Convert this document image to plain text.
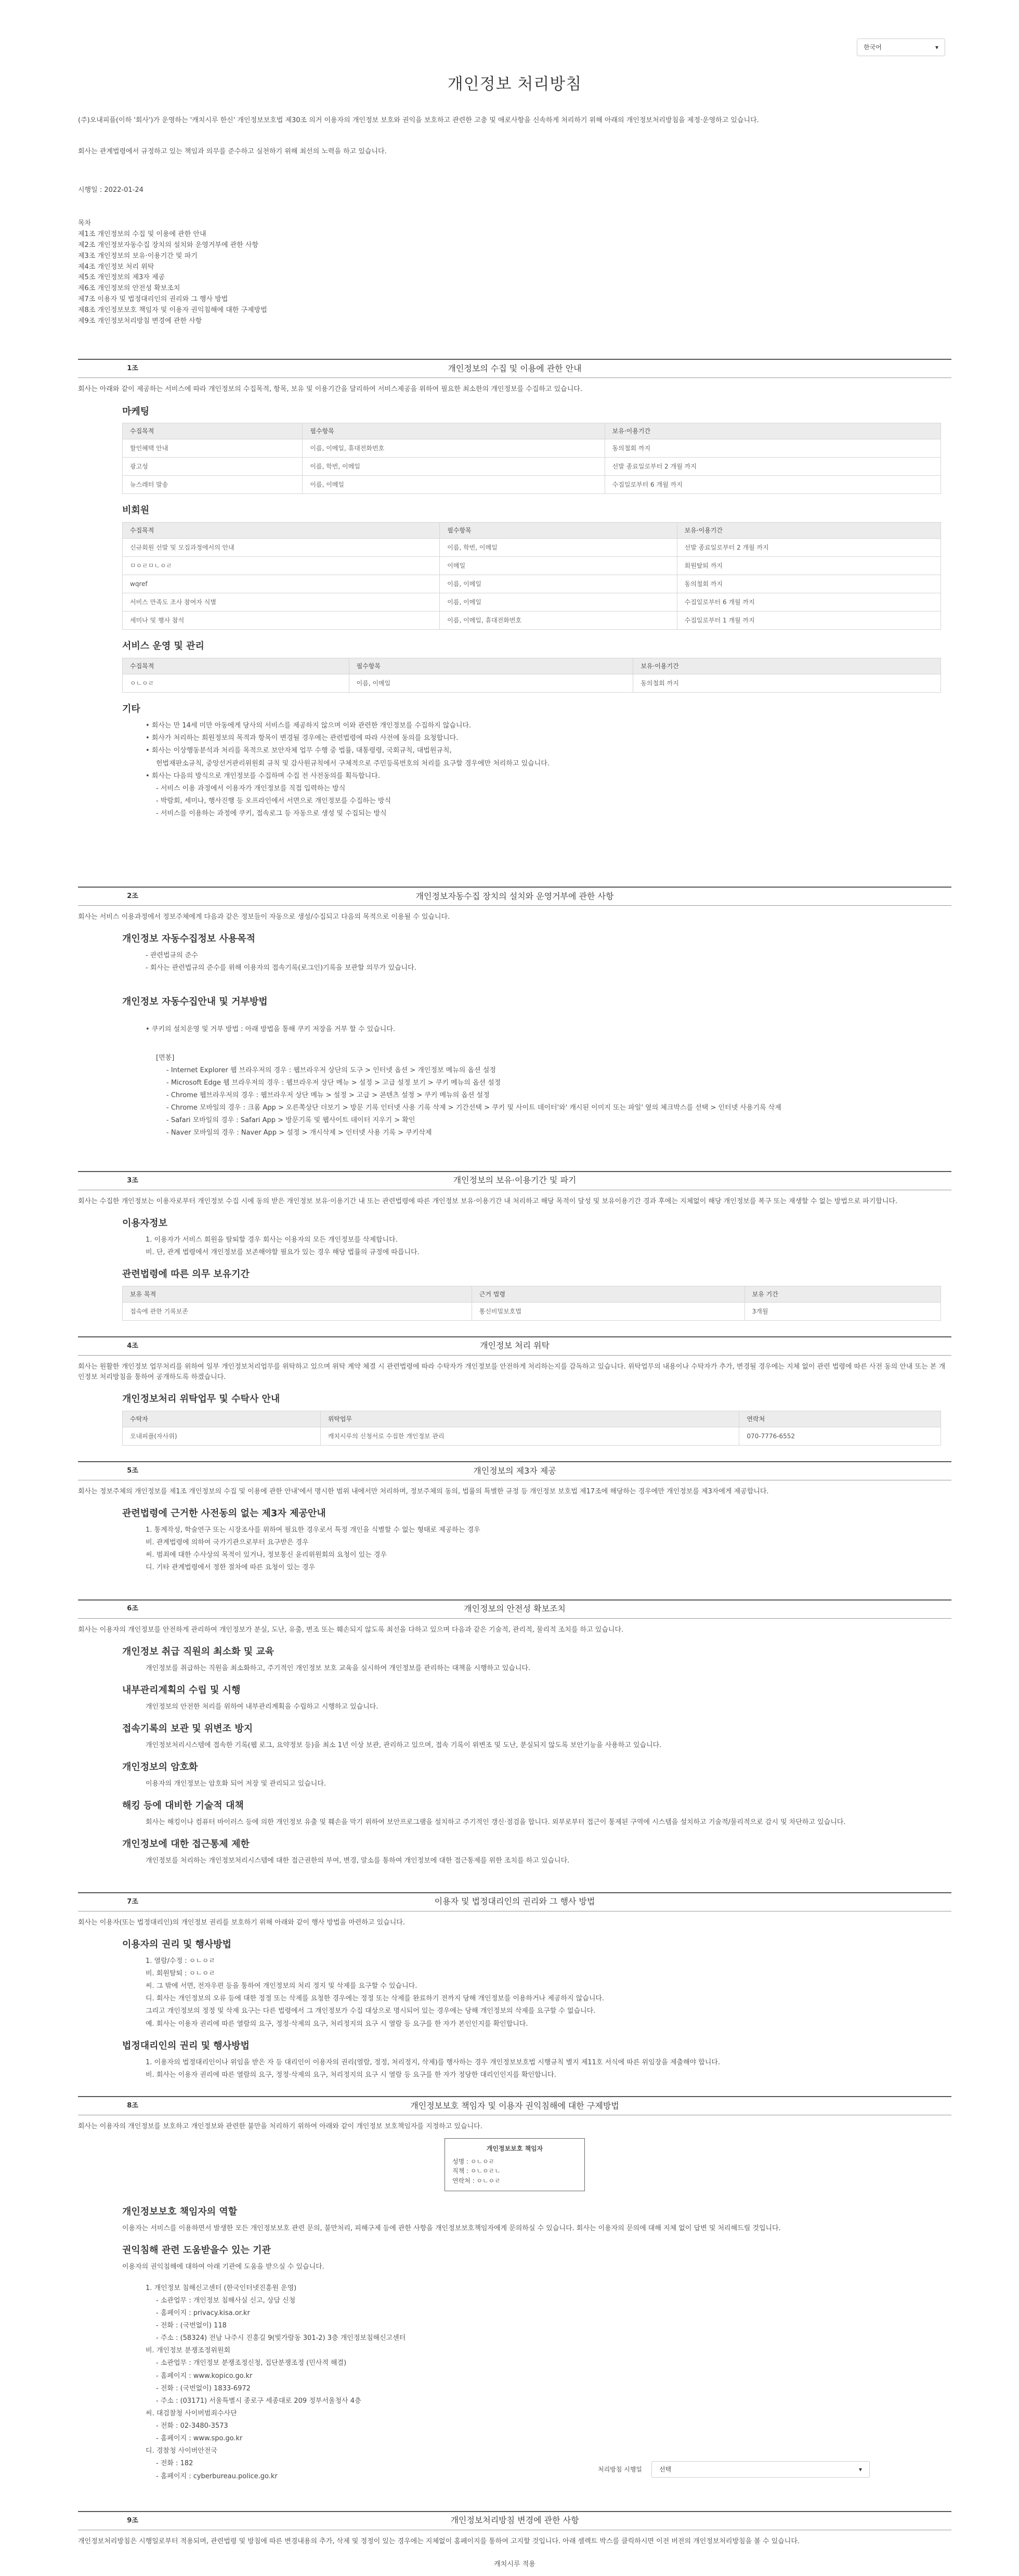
한국어	▾
개인정보 처리방침

(주)오내피플(이하 '회사')가 운영하는 '캐치시루 한신' 개인정보보호법 제30조 의거 이용자의 개인정보 보호와 권익을 보호하고 관련한 고충 및 애로사항을 신속하게 처리하기 위해 아래의 개인정보처리방침을 제정·운영하고 있습니다.

회사는 관계법령에서 규정하고 있는 책임과 의무를 준수하고 실천하기 위해 최선의 노력을 하고 있습니다.

시행일 : 2022-01-24

목차
제1조 개인정보의 수집 및 이용에 관한 안내
제2조 개인정보자동수집 장치의 설치와 운영거부에 관한 사항
제3조 개인정보의 보유·이용기간 및 파기
제4조 개인정보 처리 위탁
제5조 개인정보의 제3자 제공
제6조 개인정보의 안전성 확보조치
제7조 이용자 및 법정대리인의 권리와 그 행사 방법
제8조 개인정보보호 책임자 및 이용자 권익침해에 대한 구제방법
제9조 개인정보처리방침 변경에 관한 사항
1조	개인정보의 수집 및 이용에 관한 안내

회사는 아래와 같이 제공하는 서비스에 따라 개인정보의 수집목적, 항목, 보유 및 이용기간을 달리하여 서비스제공을 위하여 필요한 최소한의 개인정보를 수집하고 있습니다.

마케팅
수집목적	필수항목	보유·이용기간
할인혜택 안내	이름, 이메일, 휴대전화번호	동의철회 까지
광고성	이름, 학번, 이메일	선발 종료일로부터 2 개월 까지
뉴스레터 발송	이름, 이메일	수집일로부터 6 개월 까지
비회원
수집목적	필수항목	보유·이용기간
신규회원 선발 및 모집과정에서의 안내	이름, 학번, 이메일	선발 종료일로부터 2 개월 까지
ㅁㅇㄹㅁㄴㅇㄹ	이메일	회원탈퇴 까지
wqref	이름, 이메일	동의철회 까지
서비스 만족도 조사 참여자 식별	이름, 이메일	수집일로부터 6 개월 까지
세미나 및 행사 참석	이름, 이메일, 휴대전화번호	수집일로부터 1 개월 까지
서비스 운영 및 관리
수집목적	필수항목	보유·이용기간
ㅇㄴㅇㄹ	이름, 이메일	동의철회 까지
기타
• 회사는 만 14세 미만 아동에게 당사의 서비스를 제공하지 않으며 이와 관련한 개인정보를 수집하지 않습니다.
• 회사가 처리하는 회원정보의 목적과 항목이 변경될 경우에는 관련법령에 따라 사전에 동의를 요청합니다.
• 회사는 이상행동분석과 처리를 목적으로 보안자체 업무 수행 중 법률, 대통령령, 국회규칙, 대법원규칙,
헌법재판소규칙, 중앙선거관리위원회 규칙 및 감사원규칙에서 구체적으로 주민등록번호의 처리를 요구할 경우에만 처리하고 있습니다.
• 회사는 다음의 방식으로 개인정보를 수집하며 수집 전 사전동의를 획득합니다.
- 서비스 이용 과정에서 이용자가 개인정보를 직접 입력하는 방식
- 박람회, 세미나, 행사진행 등 오프라인에서 서면으로 개인정보를 수집하는 방식
- 서비스를 이용하는 과정에 쿠키, 접속로그 등 자동으로 생성 및 수집되는 방식
2조	개인정보자동수집 장치의 설치와 운영거부에 관한 사항

회사는 서비스 이용과정에서 정보주체에게 다음과 같은 정보들이 자동으로 생성/수집되고 다음의 목적으로 이용될 수 있습니다.

개인정보 자동수집정보 사용목적
- 관련법규의 준수
- 회사는 관련법규의 준수를 위해 이용자의 접속기록(로그인)기록을 보관할 의무가 있습니다.
개인정보 자동수집안내 및 거부방법
• 쿠키의 설치운영 및 거부 방법 : 아래 방법을 통해 쿠키 저장을 거부 할 수 있습니다.
[면봉]
- Internet Explorer 웹 브라우저의 경우 : 웹브라우저 상단의 도구 > 인터넷 옵션 > 개인정보 메뉴의 옵션 설정
- Microsoft Edge 웹 브라우저의 경우 : 웹브라우저 상단 메뉴 > 설정 > 고급 설정 보기 > 쿠키 메뉴의 옵션 설정
- Chrome 웹브라우저의 경우 : 웹브라우저 상단 메뉴 > 설정 > 고급 > 콘텐츠 설정 > 쿠키 메뉴의 옵션 설정
- Chrome 모바일의 경우 : 크롬 App > 오른쪽상단 더보기 > 방문 기록 인터넷 사용 기록 삭제 > 기간선택 > 쿠키 및 사이트 데이터'와' 캐시된 이미지 또는 파일' 옆의 체크박스를 선택 > 인터넷 사용기록 삭제
- Safari 모바일의 경우 : Safari App > 방문기록 및 웹사이트 데이터 지우기 > 확인
- Naver 모바일의 경우 : Naver App > 설정 > 개시삭제 > 인터넷 사용 기록 > 쿠키삭제
3조	개인정보의 보유·이용기간 및 파기

회사는 수집한 개인정보는 이용자로부터 개인정보 수집 시에 동의 받은 개인정보 보유·이용기간 내 또는 관련법령에 따른 개인정보 보유·이용기간 내 처리하고 해당 목적이 달성 및 보유이용기간 경과 후에는 지체없이 해당 개인정보를 복구 또는 재생할 수 없는 방법으로 파기합니다.

이용자정보
1. 이용자가 서비스 회원을 탈퇴할 경우 회사는 이용자의 모든 개인정보를 삭제합니다.
비. 단, 관계 법령에서 개인정보를 보존해야할 필요가 있는 경우 해당 법률의 규정에 따릅니다.
관련법령에 따른 의무 보유기간
보유 목적	근거 법령	보유 기간
접속에 관한 기록보존	통신비밀보호법	3개월
4조	개인정보 처리 위탁

회사는 원활한 개인정보 업무처리를 위하여 일부 개인정보처리업무를 위탁하고 있으며 위탁 계약 체결 시 관련법령에 따라 수탁자가 개인정보를 안전하게 처리하는지를 감독하고 있습니다. 위탁업무의 내용이나 수탁자가 추가, 변경될 경우에는 지체 없이 관련 법령에 따른 사전 동의 안내 또는 본 개인정보 처리방침을 통하여 공개하도록 하겠습니다.

개인정보처리 위탁업무 및 수탁사 안내
수탁자	위탁업무	연락처
오내피플(자사위)	캐치시루의 신청서로 수집한 개인정보 관리	070-7776-6552
5조	개인정보의 제3자 제공

회사는 정보주체의 개인정보를 제1조 개인정보의 수집 및 이용에 관한 안내'에서 명시한 범위 내에서만 처리하며, 정보주체의 동의, 법률의 특별한 규정 등 개인정보 보호법 제17조에 해당하는 경우에만 개인정보를 제3자에게 제공합니다.

관련법령에 근거한 사전동의 없는 제3자 제공안내
1. 통계작성, 학술연구 또는 시장조사를 위하여 필요한 경우로서 특정 개인을 식별할 수 없는 형태로 제공하는 경우
비. 관계법령에 의하여 국가기관으로부터 요구받은 경우
씨. 범죄에 대한 수사상의 목적이 있거나, 정보통신 윤리위원회의 요청이 있는 경우
디. 기타 관계법령에서 정한 절차에 따른 요청이 있는 경우
6조	개인정보의 안전성 확보조치

회사는 이용자의 개인정보를 안전하게 관리하여 개인정보가 분실, 도난, 유출, 변조 또는 훼손되지 않도록 최선을 다하고 있으며 다음과 같은 기술적, 관리적, 물리적 조치를 하고 있습니다.

개인정보 취급 직원의 최소화 및 교육

개인정보를 취급하는 직원을 최소화하고, 주기적인 개인정보 보호 교육을 실시하여 개인정보를 관리하는 대책을 시행하고 있습니다.

내부관리계획의 수립 및 시행

개인정보의 안전한 처리를 위하여 내부관리계획을 수립하고 시행하고 있습니다.

접속기록의 보관 및 위변조 방지

개인정보처리시스템에 접속한 기록(웹 로그, 요약정보 등)을 최소 1년 이상 보관, 관리하고 있으며, 접속 기록이 위변조 및 도난, 분실되지 않도록 보안기능을 사용하고 있습니다.

개인정보의 암호화

이용자의 개인정보는 암호화 되어 저장 및 관리되고 있습니다.

해킹 등에 대비한 기술적 대책

회사는 해킹이나 컴퓨터 바이러스 등에 의한 개인정보 유출 및 훼손을 막기 위하여 보안프로그램을 설치하고 주기적인 갱신·점검을 합니다. 외부로부터 접근이 통제된 구역에 시스템을 설치하고 기술적/물리적으로 감시 및 차단하고 있습니다.

개인정보에 대한 접근통제 제한

개인정보를 처리하는 개인정보처리시스템에 대한 접근권한의 부여, 변경, 말소를 통하여 개인정보에 대한 접근통제를 위한 조치를 하고 있습니다.

7조	이용자 및 법정대리인의 권리와 그 행사 방법

회사는 이용자(또는 법정대리인)의 개인정보 권리를 보호하기 위해 아래와 같이 행사 방법을 마련하고 있습니다.

이용자의 권리 및 행사방법
1. 열람/수정 : ㅇㄴㅇㄹ
비. 회원탈퇴 : ㅇㄴㅇㄹ
씨. 그 밖에 서면, 전자우편 등을 통하여 개인정보의 처리 정지 및 삭제를 요구할 수 있습니다.
디. 회사는 개인정보의 오류 등에 대한 정정 또는 삭제를 요청한 경우에는 정정 또는 삭제를 완료하기 전까지 당해 개인정보를 이용하거나 제공하지 않습니다.
그리고 개인정보의 정정 및 삭제 요구는 다른 법령에서 그 개인정보가 수집 대상으로 명시되어 있는 경우에는 당해 개인정보의 삭제를 요구할 수 없습니다.
예. 회사는 이용자 권리에 따른 열람의 요구, 정정·삭제의 요구, 처리정지의 요구 시 열람 등 요구를 한 자가 본인인지를 확인합니다.
법정대리인의 권리 및 행사방법
1. 이용자의 법정대리인이나 위임을 받은 자 등 대리인이 이용자의 권리(열람, 정정, 처리정지, 삭제)를 행사하는 경우 개인정보보호법 시행규칙 별지 제11호 서식에 따른 위임장을 제출해야 합니다.
비. 회사는 이용자 권리에 따른 열람의 요구, 정정·삭제의 요구, 처리정지의 요구 시 열람 등 요구를 한 자가 정당한 대리인인지를 확인합니다.
8조	개인정보보호 책임자 및 이용자 권익침해에 대한 구제방법

회사는 이용자의 개인정보를 보호하고 개인정보와 관련한 불만을 처리하기 위하여 아래와 같이 개인정보 보호책임자를 지정하고 있습니다.

개인정보보호 책임자
성명 : ㅇㄴㅇㄹ
직책 : ㅇㄴㅇㄹㄴ
연락처 : ㅇㄴㅇㄹ
개인정보보호 책임자의 역할

이용자는 서비스를 이용하면서 발생한 모든 개인정보보호 관련 문의, 불만처리, 피해구제 등에 관한 사항을 개인정보보호책임자에게 문의하실 수 있습니다. 회사는 이용자의 문의에 대해 지체 없이 답변 및 처리해드릴 것입니다.

권익침해 관련 도움받을수 있는 기관

이용자의 권익침해에 대하여 아래 기관에 도움을 받으실 수 있습니다.

1. 개인정보 침해신고센터 (한국인터넷진흥원 운영)
- 소관업무 : 개인정보 침해사실 신고, 상담 신청
- 홈페이지 : privacy.kisa.or.kr
- 전화 : (국번없이) 118
- 주소 : (58324) 전남 나주시 진흥길 9(빛가람동 301-2) 3층 개인정보침해신고센터
비. 개인정보 분쟁조정위원회
- 소관업무 : 개인정보 분쟁조정신청, 집단분쟁조정 (민사적 해결)
- 홈페이지 : www.kopico.go.kr
- 전화 : (국번없이) 1833-6972
- 주소 : (03171) 서울특별시 종로구 세종대로 209 정부서울청사 4층
씨. 대검찰청 사이버범죄수사단
- 전화 : 02-3480-3573
- 홈페이지 : www.spo.go.kr
디. 경찰청 사이버안전국
- 전화 : 182
- 홈페이지 : cyberbureau.police.go.kr
9조	개인정보처리방침 변경에 관한 사항

개인정보처리방침은 시행일로부터 적용되며, 관련법령 및 방침에 따른 변경내용의 추가, 삭제 및 정정이 있는 경우에는 지체없이 홈페이지를 통하여 고지할 것입니다. 아래 셀렉트 박스를 클릭하시면 이전 버전의 개인정보처리방침을 볼 수 있습니다.

캐치시루 적용

처리방침 시행일	선택	▾
